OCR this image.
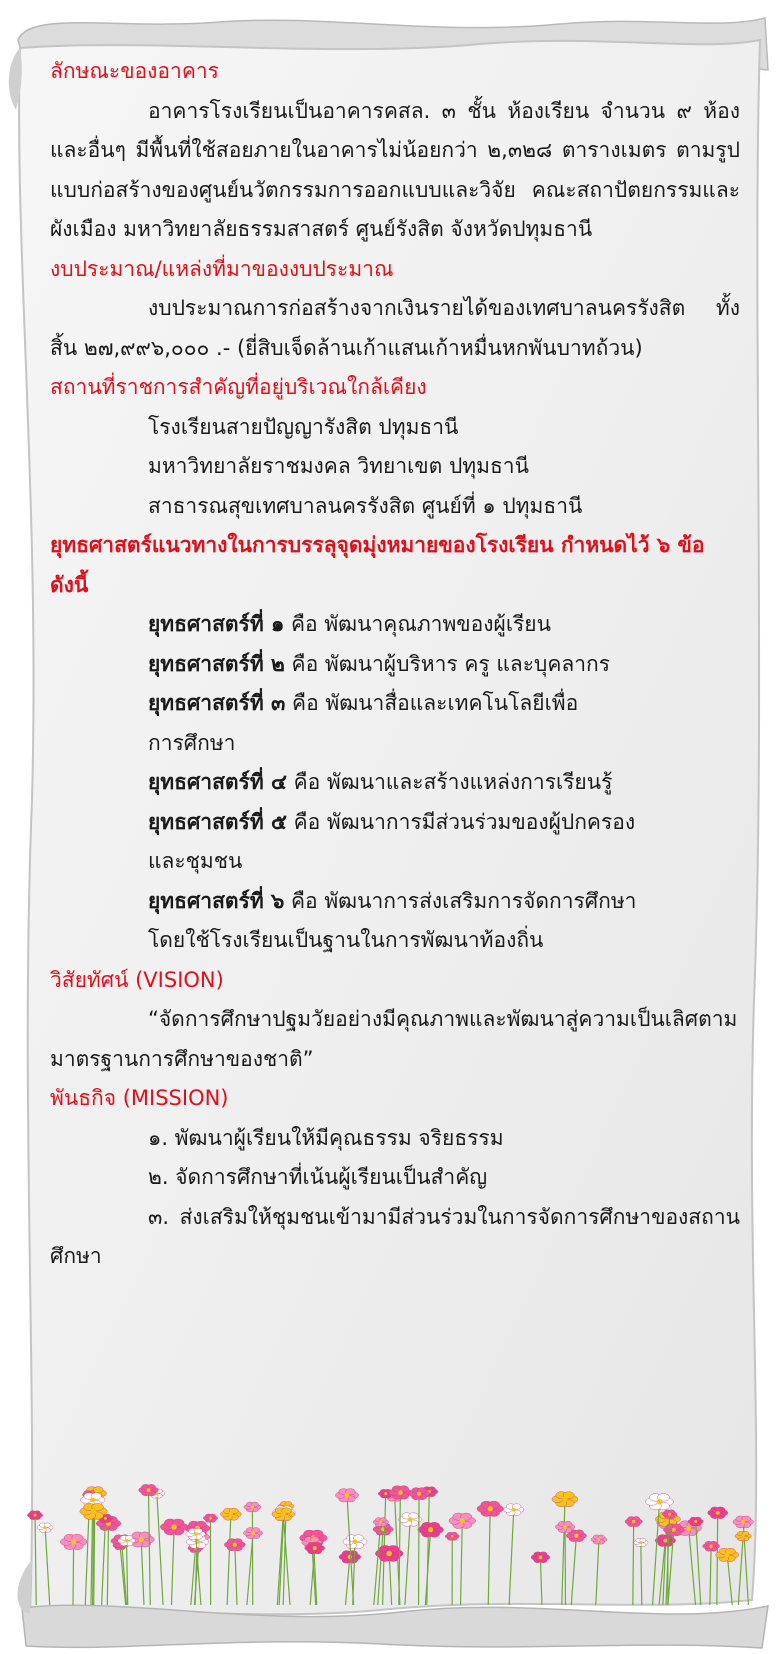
ลักษณะของอาคาร
อาคารโรงเรียนเป็นอาคารคสล. ๓ ชั้น ห้องเรียน จำนวน ๙ ห้อง และอื่นๆ มีพื้นที่ใช้สอยภายในอาคารไม่น้อยกว่า ๒,๓๒๘ ตารางเมตร ตามรูปแบบก่อสร้างของศูนย์นวัตกรรมการออกแบบและวิจัย คณะสถาปัตยกรรมและผังเมือง มหาวิทยาลัยธรรมสาสตร์ ศูนย์รังสิต จังหวัดปทุมธานี
งบประมาณ/แหล่งที่มาของงบประมาณ
งบประมาณการก่อสร้างจากเงินรายได้ของเทศบาลนครรังสิต ทั้งสิ้น ๒๗,๙๙๖,๐๐๐ .- (ยี่สิบเจ็ดล้านเก้าแสนเก้าหมื่นหกพันบาทถ้วน)
สถานที่ราชการสำคัญที่อยู่บริเวณใกล้เคียง
โรงเรียนสายปัญญารังสิต ปทุมธานี
มหาวิทยาลัยราชมงคล วิทยาเขต ปทุมธานี
สาธารณสุขเทศบาลนครรังสิต ศูนย์ที่ ๑ ปทุมธานี
ยุทธศาสตร์แนวทางในการบรรลุจุดมุ่งหมายของโรงเรียน กำหนดไว้ ๖ ข้อ ดังนี้
ยุทธศาสตร์ที่ ๑ คือ พัฒนาคุณภาพของผู้เรียน
ยุทธศาสตร์ที่ ๒ คือ พัฒนาผู้บริหาร ครู และบุคลากร
ยุทธศาสตร์ที่ ๓ คือ พัฒนาสื่อและเทคโนโลยีเพื่อ
การศึกษา
ยุทธศาสตร์ที่ ๔ คือ พัฒนาและสร้างแหล่งการเรียนรู้
ยุทธศาสตร์ที่ ๕ คือ พัฒนาการมีส่วนร่วมของผู้ปกครอง
และชุมชน
ยุทธศาสตร์ที่ ๖ คือ พัฒนาการส่งเสริมการจัดการศึกษา
โดยใช้โรงเรียนเป็นฐานในการพัฒนาท้องถิ่น
วิสัยทัศน์ (VISION)
“จัดการศึกษาปฐมวัยอย่างมีคุณภาพและพัฒนาสู่ความเป็นเลิศตามมาตรฐานการศึกษาของชาติ”
พันธกิจ (MISSION)
๑. พัฒนาผู้เรียนให้มีคุณธรรม จริยธรรม
๒. จัดการศึกษาที่เน้นผู้เรียนเป็นสำคัญ
๓. ส่งเสริมให้ชุมชนเข้ามามีส่วนร่วมในการจัดการศึกษาของสถานศึกษา
